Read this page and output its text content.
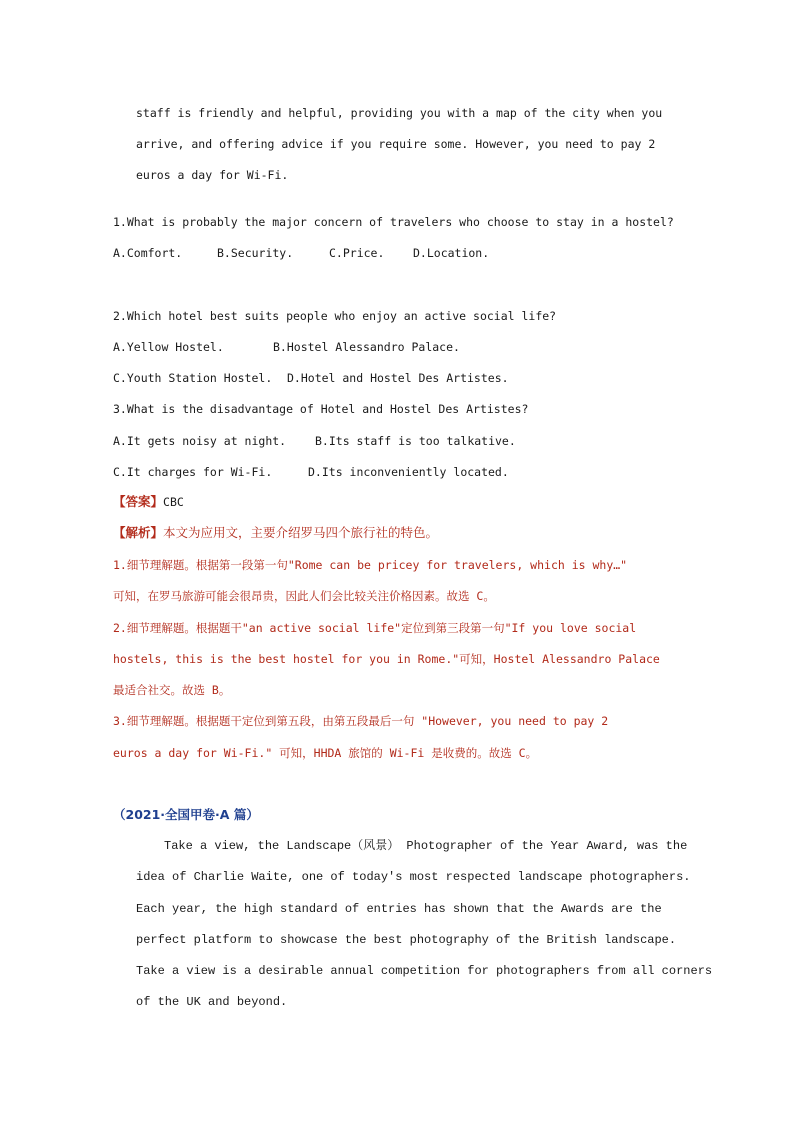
staff is friendly and helpful, providing you with a map of the city when you
arrive, and offering advice if you require some. However, you need to pay 2
euros a day for Wi-Fi.
1.What is probably the major concern of travelers who choose to stay in a hostel?
A.Comfort.	B.Security.	C.Price. D.Location.
2.Which hotel best suits people who enjoy an active social life?
A.Yellow Hostel.	B.Hostel Alessandro Palace.
C.Youth Station Hostel. D.Hotel and Hostel Des Artistes.
3.What is the disadvantage of Hotel and Hostel Des Artistes?
A.It gets noisy at night.	B.Its staff is too talkative.
C.It charges for Wi-Fi.	D.Its inconveniently located.
【答案】CBC
【解析】本文为应用文，主要介绍罗马四个旅行社的特色。
1.细节理解题。根据第一段第一句"Rome can be pricey for travelers, which is why…"
可知，在罗马旅游可能会很昂贵，因此人们会比较关注价格因素。故选 C。
2.细节理解题。根据题干"an active social life"定位到第三段第一句"If you love social
hostels, this is the best hostel for you in Rome."可知，Hostel Alessandro Palace
最适合社交。故选 B。
3.细节理解题。根据题干定位到第五段，由第五段最后一句 "However, you need to pay 2
euros a day for Wi-Fi." 可知，HHDA 旅馆的 Wi-Fi 是收费的。故选 C。
（2021·全国甲卷·A 篇）
Take a view, the Landscape（风景） Photographer of the Year Award, was the
idea of Charlie Waite, one of today's most respected landscape photographers.
Each year, the high standard of entries has shown that the Awards are the
perfect platform to showcase the best photography of the British landscape.
Take a view is a desirable annual competition for photographers from all corners
of the UK and beyond.
